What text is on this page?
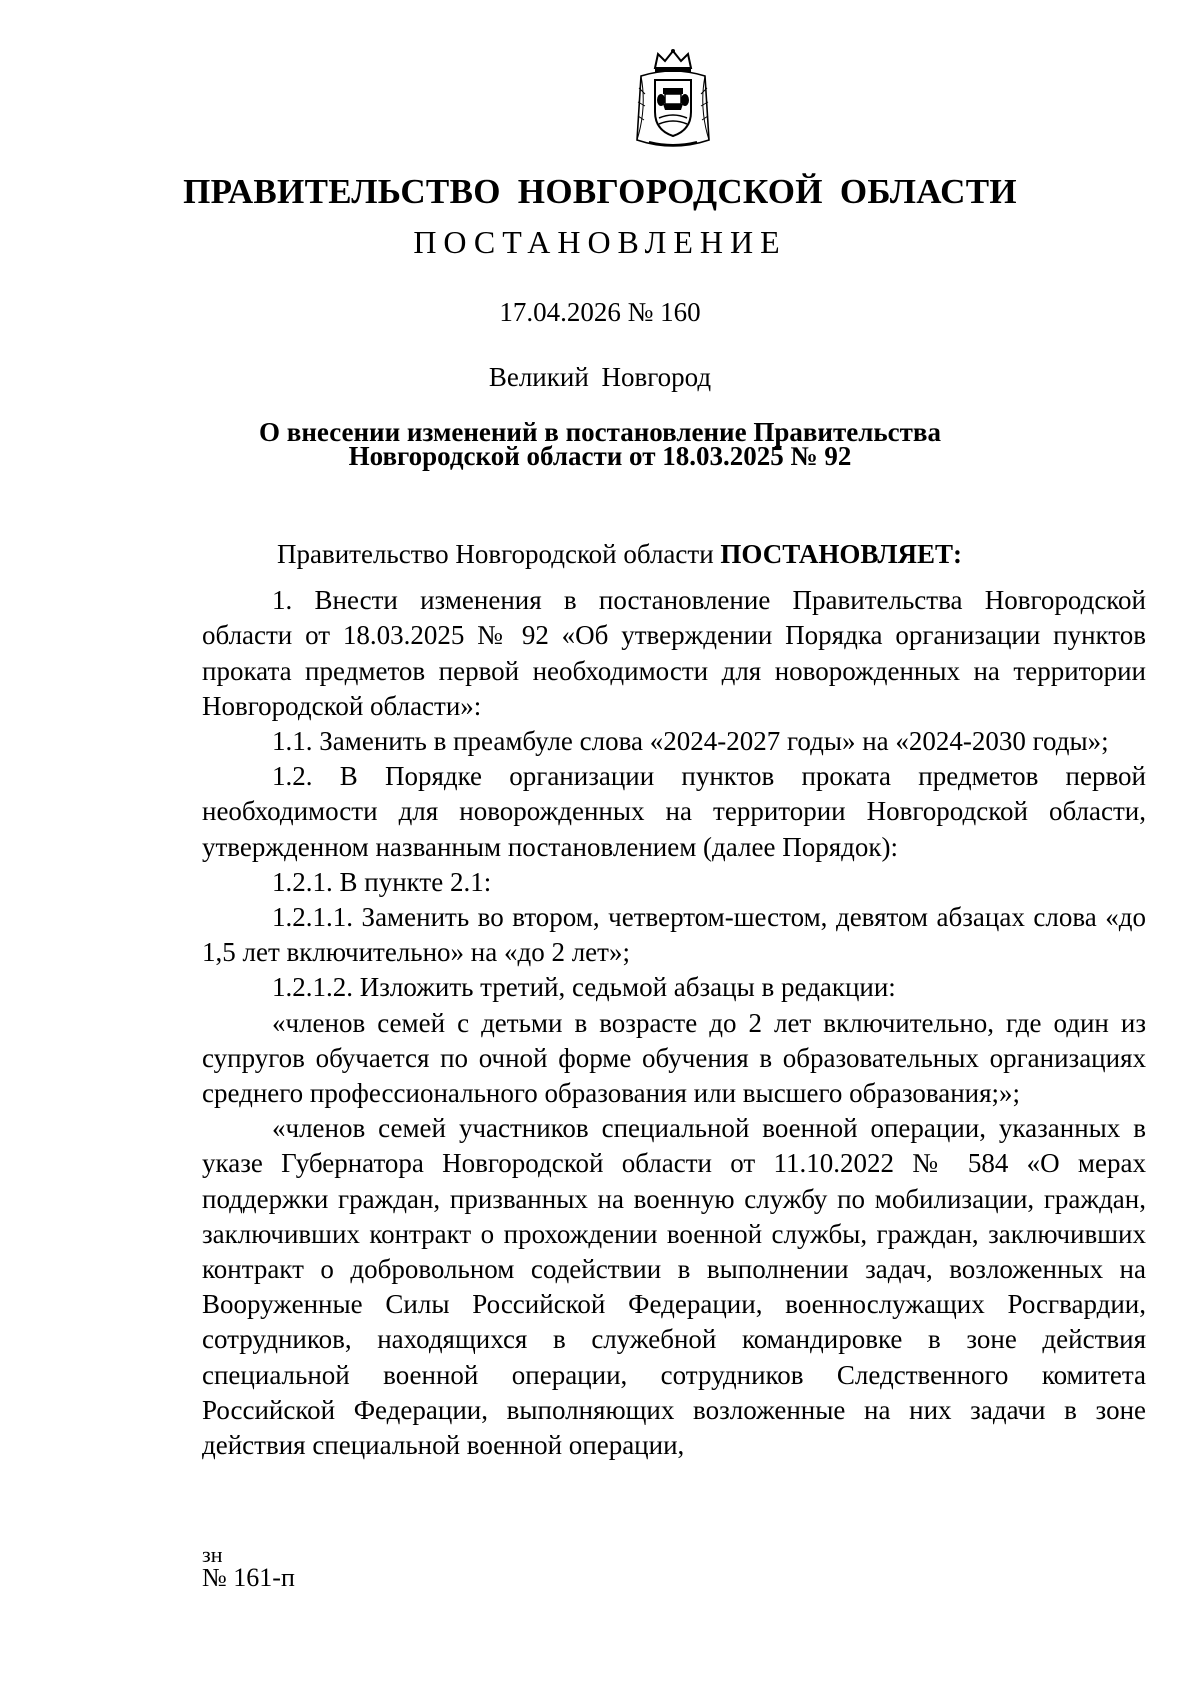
ПРАВИТЕЛЬСТВО НОВГОРОДСКОЙ ОБЛАСТИ
ПОСТАНОВЛЕНИЕ
17.04.2026 № 160
Великий Новгород
О внесении изменений в постановление Правительства
Новгородской области от 18.03.2025 № 92

Правительство Новгородской области ПОСТАНОВЛЯЕТ:

1. Внести изменения в постановление Правительства Новгородской области от 18.03.2025 № 92 «Об утверждении Порядка организации пунктов проката предметов первой необходимости для новорожденных на территории Новгородской области»:

1.1. Заменить в преамбуле слова «2024-2027 годы» на «2024-2030 годы»;

1.2. В Порядке организации пунктов проката предметов первой необходимости для новорожденных на территории Новгородской области, утвержденном названным постановлением (далее Порядок):

1.2.1. В пункте 2.1:

1.2.1.1. Заменить во втором, четвертом-шестом, девятом абзацах слова «до 1,5 лет включительно» на «до 2 лет»;

1.2.1.2. Изложить третий, седьмой абзацы в редакции:

«членов семей с детьми в возрасте до 2 лет включительно, где один из супругов обучается по очной форме обучения в образовательных организациях среднего профессионального образования или высшего образования;»;

«членов семей участников специальной военной операции, указанных в указе Губернатора Новгородской области от 11.10.2022 № 584 «О мерах поддержки граждан, призванных на военную службу по мобилизации, граждан, заключивших контракт о прохождении военной службы, граждан, заключивших контракт о добровольном содействии в выполнении задач, возложенных на Вооруженные Силы Российской Федерации, военнослужащих Росгвардии, сотрудников, находящихся в служебной командировке в зоне действия специальной военной операции, сотрудников Следственного комитета Российской Федерации, выполняющих возложенные на них задачи в зоне действия специальной военной операции,

зн
№ 161-п
